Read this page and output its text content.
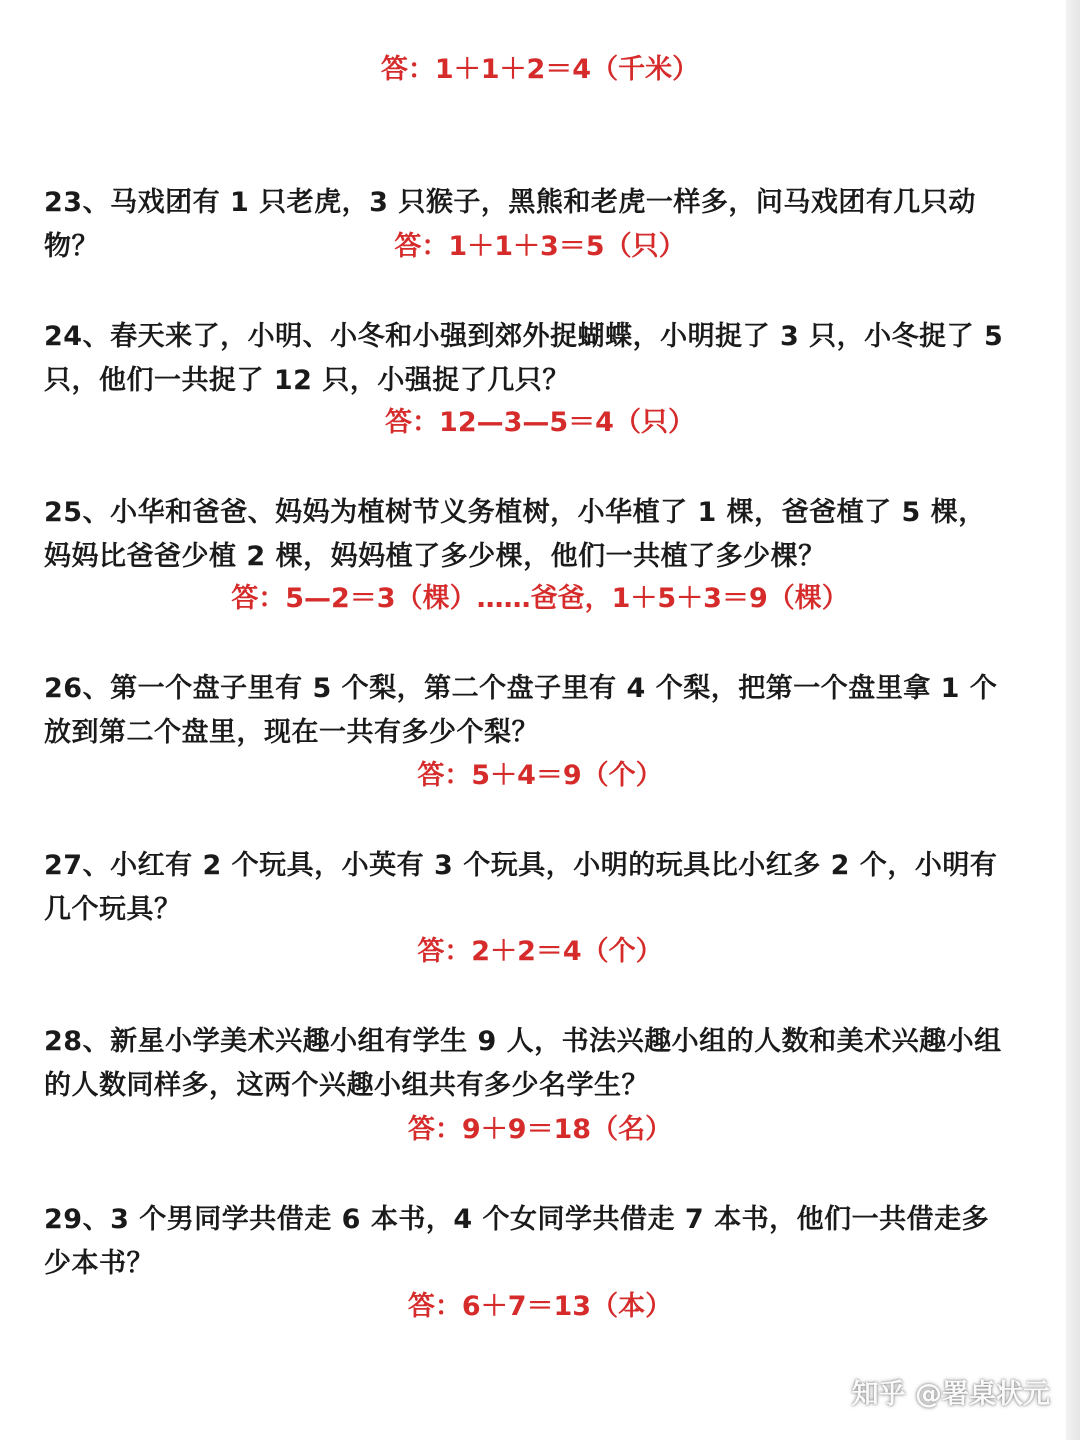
答：1＋1＋2＝4（千米）
23、马戏团有 1 只老虎，3 只猴子，黑熊和老虎一样多，问马戏团有几只动物？	答：1＋1＋3＝5（只）
24、春天来了，小明、小冬和小强到郊外捉蝴蝶，小明捉了 3 只，小冬捉了 5 只，他们一共捉了 12 只，小强捉了几只？
答：12—3—5＝4（只）
25、小华和爸爸、妈妈为植树节义务植树，小华植了 1 棵，爸爸植了 5 棵，妈妈比爸爸少植 2 棵，妈妈植了多少棵，他们一共植了多少棵？
答：5—2＝3（棵）……爸爸，1＋5＋3＝9（棵）
26、第一个盘子里有 5 个梨，第二个盘子里有 4 个梨，把第一个盘里拿 1 个放到第二个盘里，现在一共有多少个梨？
答：5＋4＝9（个）
27、小红有 2 个玩具，小英有 3 个玩具，小明的玩具比小红多 2 个，小明有几个玩具？
答：2＋2＝4（个）
28、新星小学美术兴趣小组有学生 9 人，书法兴趣小组的人数和美术兴趣小组的人数同样多，这两个兴趣小组共有多少名学生？
答：9＋9＝18（名）
29、3 个男同学共借走 6 本书，4 个女同学共借走 7 本书，他们一共借走多少本书？
答：6＋7＝13（本）
知乎 @署桌状元
